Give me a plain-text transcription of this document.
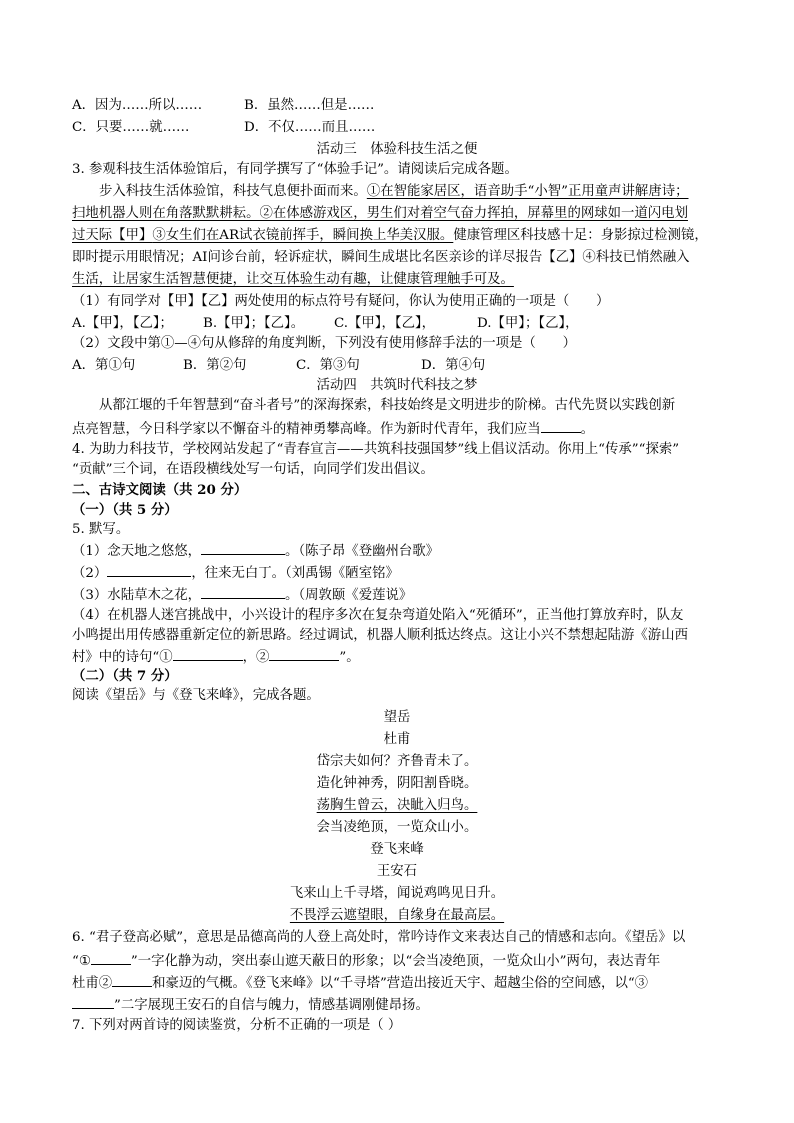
A．因为……所以……	B．虽然……但是……
C．只要……就……	D．不仅……而且……
活动三　体验科技生活之便
3. 参观科技生活体验馆后，有同学撰写了“体验手记”。请阅读后完成各题。
步入科技生活体验馆，科技气息便扑面而来。①在智能家居区，语音助手“小智”正用童声讲解唐诗；
扫地机器人则在角落默默耕耘。②在体感游戏区，男生们对着空气奋力挥拍，屏幕里的网球如一道闪电划
过天际【甲】③女生们在AR试衣镜前挥手，瞬间换上华美汉服。健康管理区科技感十足：身影掠过检测镜，
即时提示用眼情况；AI问诊台前，轻诉症状，瞬间生成堪比名医亲诊的详尽报告【乙】④科技已悄然融入
生活，让居家生活智慧便捷，让交互体验生动有趣，让健康管理触手可及。
（1）有同学对【甲】【乙】两处使用的标点符号有疑问，你认为使用正确的一项是（　　）
A.【甲】，【乙】； B.【甲】；【乙】。 C.【甲】，【乙】，	D.【甲】；【乙】，
（2）文段中第①—④句从修辞的角度判断，下列没有使用修辞手法的一项是（　　）
A．第①句	B．第②句	C．第③句	D．第④句
活动四　共筑时代科技之梦
从都江堰的千年智慧到“奋斗者号”的深海探索，科技始终是文明进步的阶梯。古代先贤以实践创新
点亮智慧，今日科学家以不懈奋斗的精神勇攀高峰。作为新时代青年，我们应当	。
4. 为助力科技节，学校网站发起了“青春宣言——共筑科技强国梦”线上倡议活动。你用上“传承”“探索”
“贡献”三个词，在语段横线处写一句话，向同学们发出倡议。
二、古诗文阅读（共 20 分）
（一）（共 5 分）
5. 默写。
（1）念天地之悠悠，	。（陈子昂《登幽州台歌》
（2）	，往来无白丁。（刘禹锡《陋室铭》
（3）水陆草木之花，	。（周敦颐《爱莲说》
（4）在机器人迷宫挑战中，小兴设计的程序多次在复杂弯道处陷入“死循环”，正当他打算放弃时，队友
小鸣提出用传感器重新定位的新思路。经过调试，机器人顺利抵达终点。这让小兴不禁想起陆游《游山西
村》中的诗句“①	，②	”。
（二）（共 7 分）
阅读《望岳》与《登飞来峰》，完成各题。
望岳
杜甫
岱宗夫如何？齐鲁青未了。
造化钟神秀，阴阳割昏晓。
荡胸生曾云，决眦入归鸟。
会当凌绝顶，一览众山小。
登飞来峰
王安石
飞来山上千寻塔，闻说鸡鸣见日升。
不畏浮云遮望眼，自缘身在最高层。
6. “君子登高必赋”，意思是品德高尚的人登上高处时，常吟诗作文来表达自己的情感和志向。《望岳》以
“①	”一字化静为动，突出泰山遮天蔽日的形象；以“会当凌绝顶，一览众山小”两句，表达青年
杜甫②	和豪迈的气概。《登飞来峰》以“千寻塔”营造出接近天宇、超越尘俗的空间感，以“③
”二字展现王安石的自信与魄力，情感基调刚健昂扬。
7. 下列对两首诗的阅读鉴赏，分析不正确的一项是（ ）
